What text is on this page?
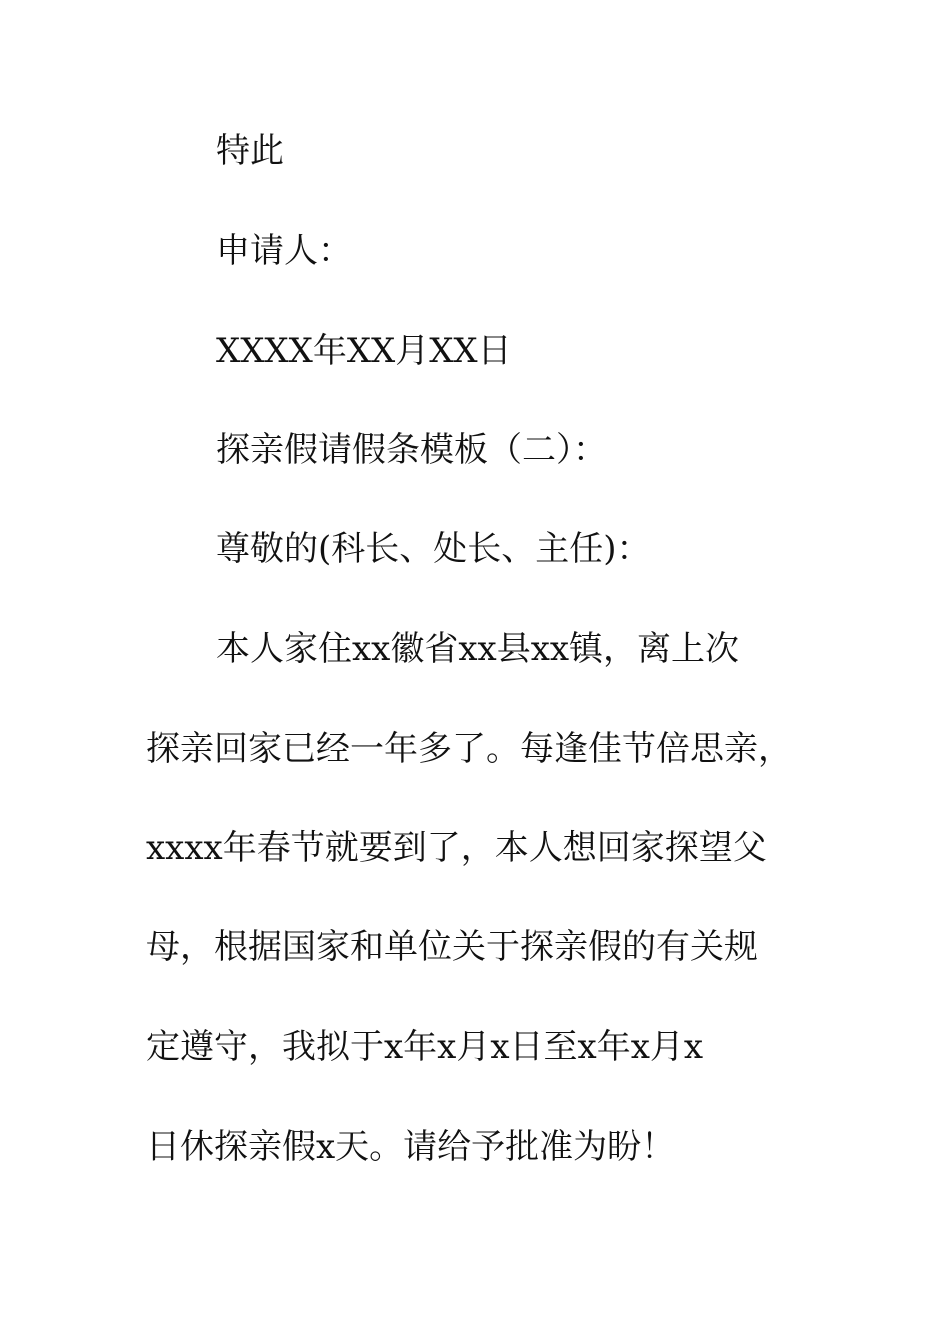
特此
申请人：
XXXX年XX月XX日
探亲假请假条模板（二）：
尊敬的(科长、处长、主任)：
本人家住xx徽省xx县xx镇，离上次
探亲回家已经一年多了。每逢佳节倍思亲，
xxxx年春节就要到了，本人想回家探望父
母，根据国家和单位关于探亲假的有关规
定遵守，我拟于x年x月x日至x年x月x
日休探亲假x天。请给予批准为盼！
